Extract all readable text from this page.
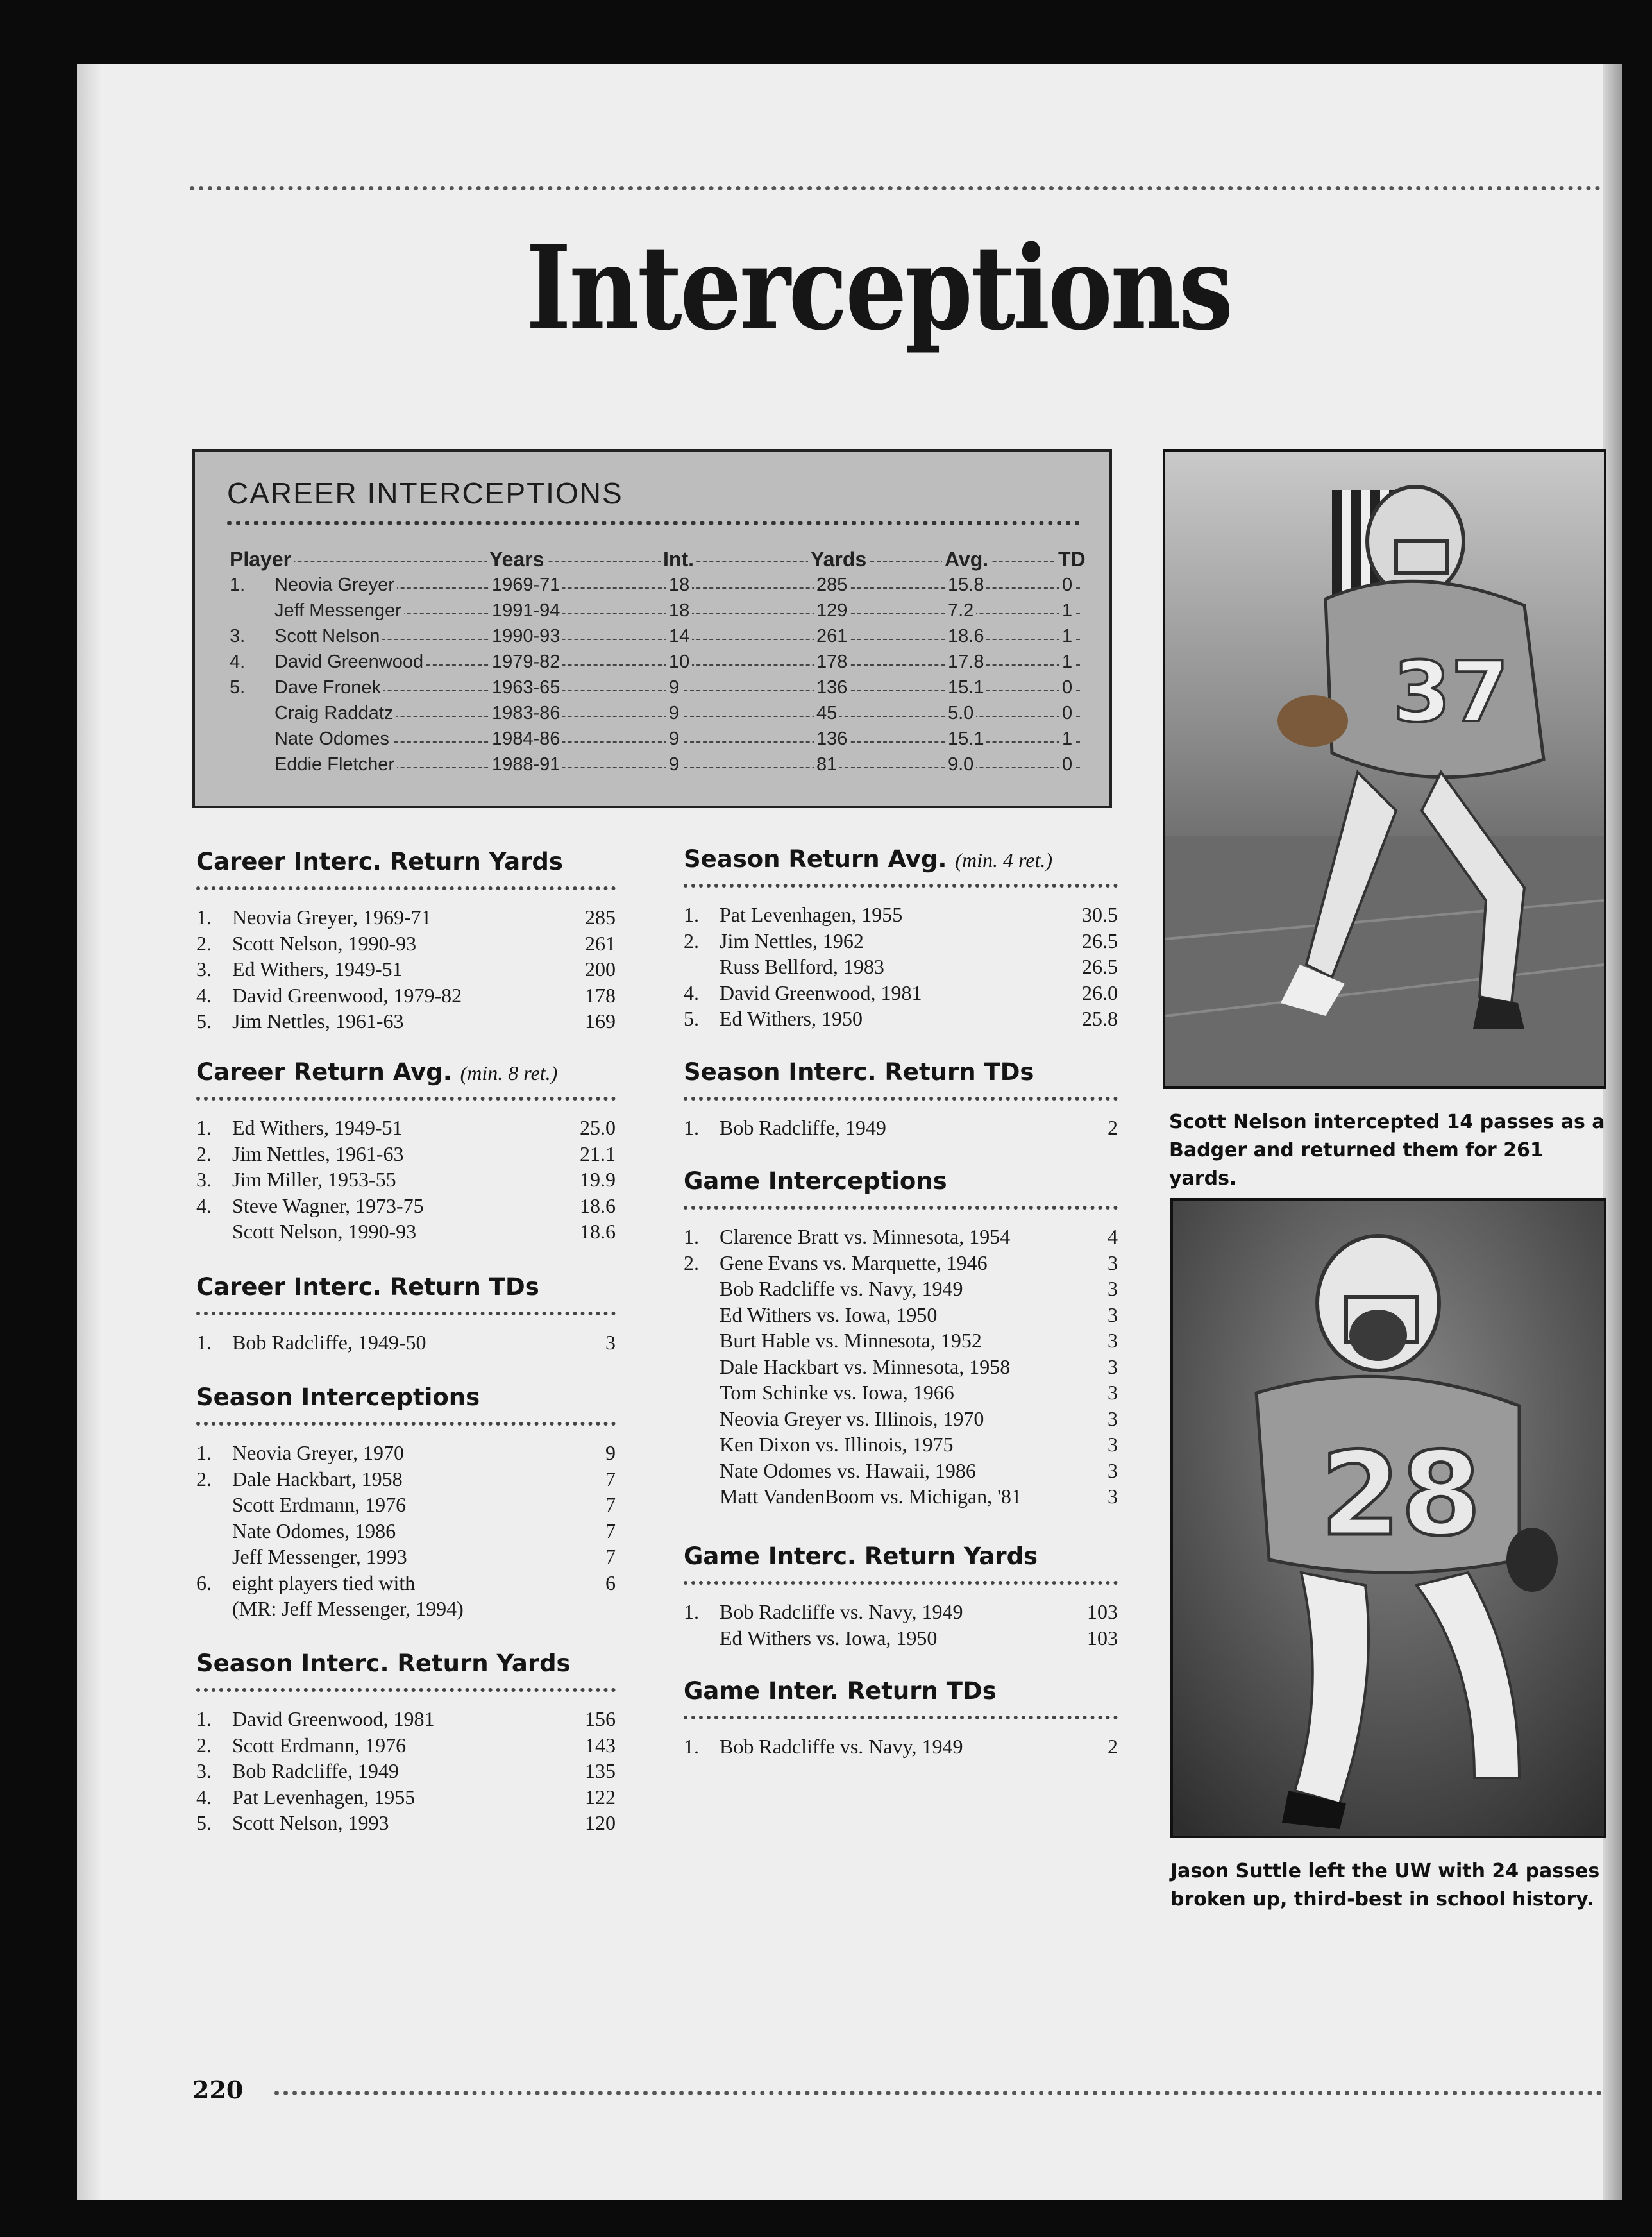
Interceptions
CAREER INTERCEPTIONS
Player	Years	Int.	Yards	Avg.	TD
1. Neovia Greyer	1969-71	18	285	15.8	0
Jeff Messenger	1991-94	18	129	7.2	1
3. Scott Nelson	1990-93	14	261	18.6	1
4. David Greenwood	1979-82	10	178	17.8	1
5. Dave Fronek	1963-65	9	136	15.1	0
Craig Raddatz	1983-86	9	45	5.0	0
Nate Odomes	1984-86	9	136	15.1	1
Eddie Fletcher	1988-91	9	81	9.0	0
Career Interc. Return Yards
1. Neovia Greyer, 1969-71	285
2. Scott Nelson, 1990-93	261
3. Ed Withers, 1949-51	200
4. David Greenwood, 1979-82	178
5. Jim Nettles, 1961-63	169
Career Return Avg. (min. 8 ret.)
1. Ed Withers, 1949-51	25.0
2. Jim Nettles, 1961-63	21.1
3. Jim Miller, 1953-55	19.9
4. Steve Wagner, 1973-75	18.6
Scott Nelson, 1990-93	18.6
Career Interc. Return TDs
1. Bob Radcliffe, 1949-50	3
Season Interceptions
1. Neovia Greyer, 1970	9
2. Dale Hackbart, 1958	7
Scott Erdmann, 1976	7
Nate Odomes, 1986	7
Jeff Messenger, 1993	7
6. eight players tied with	6
(MR: Jeff Messenger, 1994)
Season Interc. Return Yards
1. David Greenwood, 1981	156
2. Scott Erdmann, 1976	143
3. Bob Radcliffe, 1949	135
4. Pat Levenhagen, 1955	122
5. Scott Nelson, 1993	120
Season Return Avg. (min. 4 ret.)
1. Pat Levenhagen, 1955	30.5
2. Jim Nettles, 1962	26.5
Russ Bellford, 1983	26.5
4. David Greenwood, 1981	26.0
5. Ed Withers, 1950	25.8
Season Interc. Return TDs
1. Bob Radcliffe, 1949	2
Game Interceptions
1. Clarence Bratt vs. Minnesota, 1954	4
2. Gene Evans vs. Marquette, 1946	3
Bob Radcliffe vs. Navy, 1949	3
Ed Withers vs. Iowa, 1950	3
Burt Hable vs. Minnesota, 1952	3
Dale Hackbart vs. Minnesota, 1958	3
Tom Schinke vs. Iowa, 1966	3
Neovia Greyer vs. Illinois, 1970	3
Ken Dixon vs. Illinois, 1975	3
Nate Odomes vs. Hawaii, 1986	3
Matt VandenBoom vs. Michigan, '81	3
Game Interc. Return Yards
1. Bob Radcliffe vs. Navy, 1949	103
Ed Withers vs. Iowa, 1950	103
Game Inter. Return TDs
1. Bob Radcliffe vs. Navy, 1949	2
37
Scott Nelson intercepted 14 passes as a Badger and returned them for 261 yards.
28
Jason Suttle left the UW with 24 passes broken up, third-best in school history.
220
